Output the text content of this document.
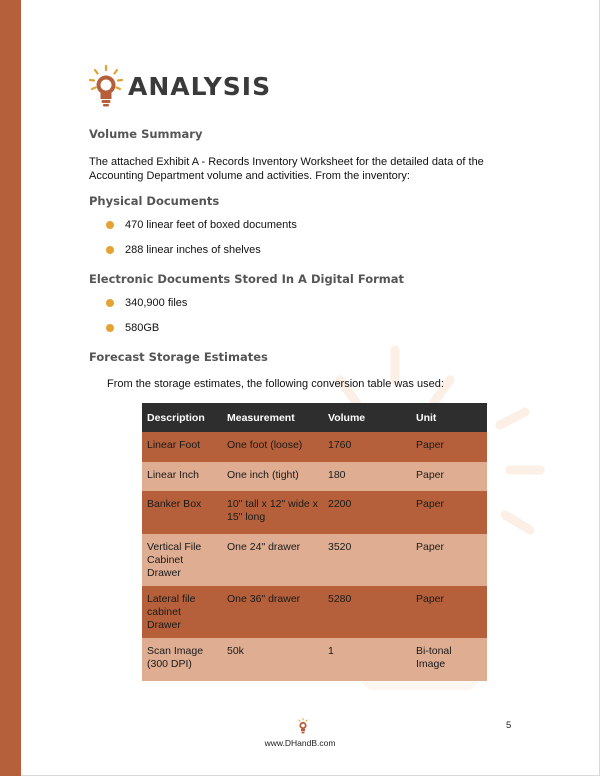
ANALYSIS
Volume Summary
The attached Exhibit A - Records Inventory Worksheet for the detailed data of the
Accounting Department volume and activities. From the inventory:
Physical Documents
470 linear feet of boxed documents
288 linear inches of shelves
Electronic Documents Stored In A Digital Format
340,900 files
580GB
Forecast Storage Estimates
From the storage estimates, the following conversion table was used:
Description	Measurement	Volume	Unit
Linear Foot	One foot (loose)	1760	Paper
Linear Inch	One inch (tight)	180	Paper
Banker Box	10" tall x 12" wide x 15" long	2200	Paper
Vertical File Cabinet Drawer	One 24" drawer	3520	Paper
Lateral file cabinet Drawer	One 36" drawer	5280	Paper
Scan Image (300 DPI)	50k	1	Bi-tonal Image
www.DHandB.com
5
